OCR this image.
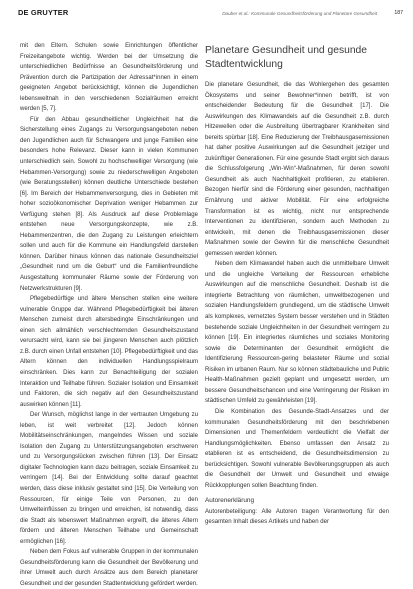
DE GRUYTER	Dauber et al.: Kommunale Gesundheitsförderung und Planetare Gesundheit	187

mit den Eltern. Schulen sowie Einrichtungen öffentlicher Freizeitangebote wichtig. Werden bei der Umsetzung die unterschiedlichen Bedürfnisse an Gesundheitsförderung und Prävention durch die Partizipation der Adressat*innen in einem geeigneten Angebot berücksichtigt, können die Jugendlichen lebensweltnah in den verschiedenen Sozialräumen erreicht werden [5, 7].

Für den Abbau gesundheitlicher Ungleichheit hat die Sicherstellung eines Zugangs zu Versorgungsangeboten neben den Jugendlichen auch für Schwangere und junge Familien eine besonders hohe Relevanz. Dieser kann in vielen Kommunen unterschiedlich sein. Sowohl zu hochschwelliger Versorgung (wie Hebammen-Versorgung) sowie zu niederschwelligen Angeboten (wie Beratungsstellen) können deutliche Unterschiede bestehen [6]. Im Bereich der Hebammenversorgung, dies in Gebieten mit hoher sozioökonomischer Deprivation weniger Hebammen zur Verfügung stehen [8]. Als Ausdruck auf diese Problemlage entstehen neue Versorgungskonzepte, wie z.B. Hebammenzentren, die den Zugang zu Leistungen erleichtern sollen und auch für die Kommune ein Handlungsfeld darstellen können. Darüber hinaus können das nationale Gesundheitsziel „Gesundheit rund um die Geburt“ und die Familienfreundliche Ausgestaltung kommunaler Räume sowie der Förderung von Netzwerkstrukturen [9].

Pflegebedürftige und ältere Menschen stellen eine weitere vulnerable Gruppe dar. Während Pflegebedürftigkeit bei älteren Menschen zumeist durch altersbedingte Einschränkungen und einen sich allmählich verschlechternden Gesundheitszustand verursacht wird, kann sie bei jüngeren Menschen auch plötzlich z.B. durch einen Unfall entstehen [10]. Pflegebedürftigkeit und das Altern können den individuellen Handlungsspielraum einschränken. Dies kann zur Benachteiligung der sozialen Interaktion und Teilhabe führen. Sozialer Isolation und Einsamkeit und Faktoren, die sich negativ auf den Gesundheitszustand auswirken können [11].

Der Wunsch, möglichst lange in der vertrauten Umgebung zu leben, ist weit verbreitet [12]. Jedoch können Mobilitätseinschränkungen, mangelndes Wissen und soziale Isolation den Zugang zu Unterstützungsangeboten erschweren und zu Versorgungslücken zwischen führen [13]. Der Einsatz digitaler Technologien kann dazu beitragen, soziale Einsamkeit zu verringern [14]. Bei der Entwicklung sollte darauf geachtet werden, dass diese inklusiv gestaltet sind [15]. Die Verteilung von Ressourcen, für einige Teile von Personen, zu den Umwelteinflüssen zu bringen und erreichen, ist notwendig, dass die Stadt als lebenswert Maßnahmen ergreift, die älteres Altern fördern und älteren Menschen Teilhabe und Gemeinschaft ermöglichen [16].

Neben dem Fokus auf vulnerable Gruppen in der kommunalen Gesundheitsförderung kann die Gesundheit der Bevölkerung und ihrer Umwelt auch durch Ansätze aus dem Bereich planetarer Gesundheit und der gesunden Stadtentwicklung gefördert werden.

Planetare Gesundheit und gesunde Stadtentwicklung

Die planetare Gesundheit, die das Wohlergehen des gesamten Ökosystems und seiner Bewohner*innen betrifft, ist von entscheidender Bedeutung für die Gesundheit [17]. Die Auswirkungen des Klimawandels auf die Gesundheit z.B. durch Hitzewellen oder die Ausbreitung übertragbarer Krankheiten sind bereits spürbar [18]. Eine Reduzierung der Treibhausgasemissionen hat daher positive Auswirkungen auf die Gesundheit jetziger und zukünftiger Generationen. Für eine gesunde Stadt ergibt sich daraus die Schlussfolgerung „Win-Win“-Maßnahmen, für deren sowohl Gesundheit als auch Nachhaltigkeit profitieren, zu etablieren. Bezogen hierfür sind die Förderung einer gesunden, nachhaltigen Ernährung und aktiver Mobilität. Für eine erfolgreiche Transformation ist es wichtig, nicht nur entsprechende Interventionen zu identifizieren, sondern auch Methoden zu entwickeln, mit denen die Treibhausgasemissionen dieser Maßnahmen sowie der Gewinn für die menschliche Gesundheit gemessen werden können.

Neben dem Klimawandel haben auch die unmittelbare Umwelt und die ungleiche Verteilung der Ressourcen erhebliche Auswirkungen auf die menschliche Gesundheit. Deshalb ist die integrierte Betrachtung von räumlichen, umweltbezogenen und sozialen Handlungsfeldern grundlegend, um die städtische Umwelt als komplexes, vernetztes System besser verstehen und in Städten bestehende soziale Ungleichheiten in der Gesundheit verringern zu können [19]. Ein integriertes räumliches und soziales Monitoring sowie die Determinanten der Gesundheit ermöglicht die Identifizierung Ressourcen-gering belasteter Räume und sozial Risiken im urbanen Raum. Nur so können städtebauliche und Public Health-Maßnahmen gezielt geplant und umgesetzt werden, um bessere Gesundheitschancen und eine Verringerung der Risiken im städtischen Umfeld zu gewährleisten [19].

Die Kombination des Gesunde-Stadt-Ansatzes und der kommunalen Gesundheitsförderung mit den beschriebenen Dimensionen und Themenfeldern verdeutlicht die Vielfalt der Handlungsmöglichkeiten. Ebenso umfassen den Ansatz zu etablieren ist es entscheidend, die Gesundheitsdimension zu berücksichtigen. Sowohl vulnerable Bevölkerungsgruppen als auch die Gesundheit der Umwelt und Gesundheit und etwaige Rückkopplungen sollen Beachtung finden.

Autorenerklärung

Autorenbeteiligung: Alle Autoren tragen Verantwortung für den gesamten Inhalt dieses Artikels und haben der
